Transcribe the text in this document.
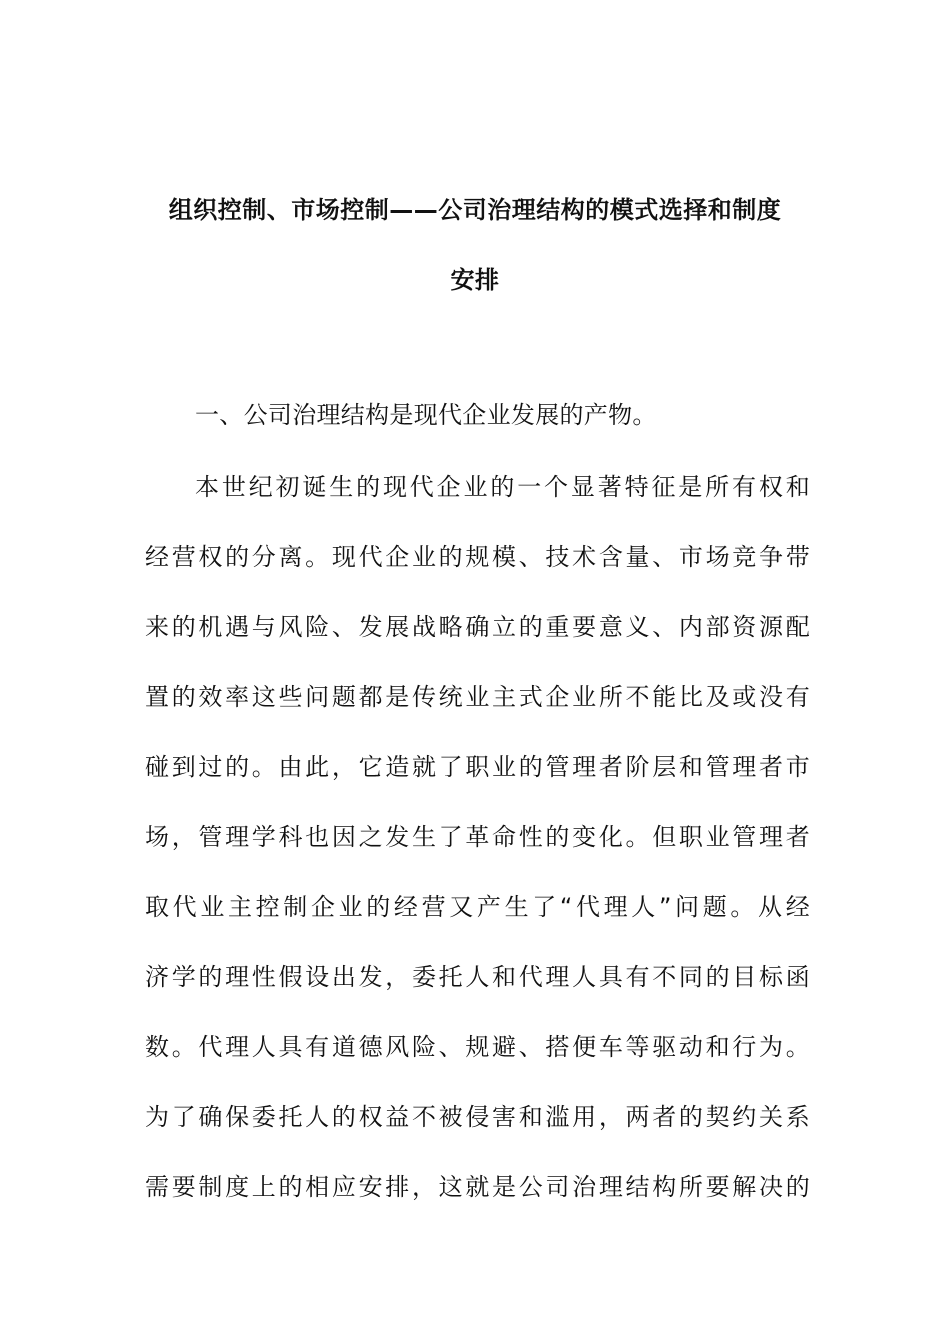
组织控制、市场控制——公司治理结构的模式选择和制度
安排
一、公司治理结构是现代企业发展的产物。
本世纪初诞生的现代企业的一个显著特征是所有权和
经营权的分离。现代企业的规模、技术含量、市场竞争带
来的机遇与风险、发展战略确立的重要意义、内部资源配
置的效率这些问题都是传统业主式企业所不能比及或没有
碰到过的。由此，它造就了职业的管理者阶层和管理者市
场，管理学科也因之发生了革命性的变化。但职业管理者
取代业主控制企业的经营又产生了“代理人”问题。从经
济学的理性假设出发，委托人和代理人具有不同的目标函
数。代理人具有道德风险、规避、搭便车等驱动和行为。
为了确保委托人的权益不被侵害和滥用，两者的契约关系
需要制度上的相应安排，这就是公司治理结构所要解决的
